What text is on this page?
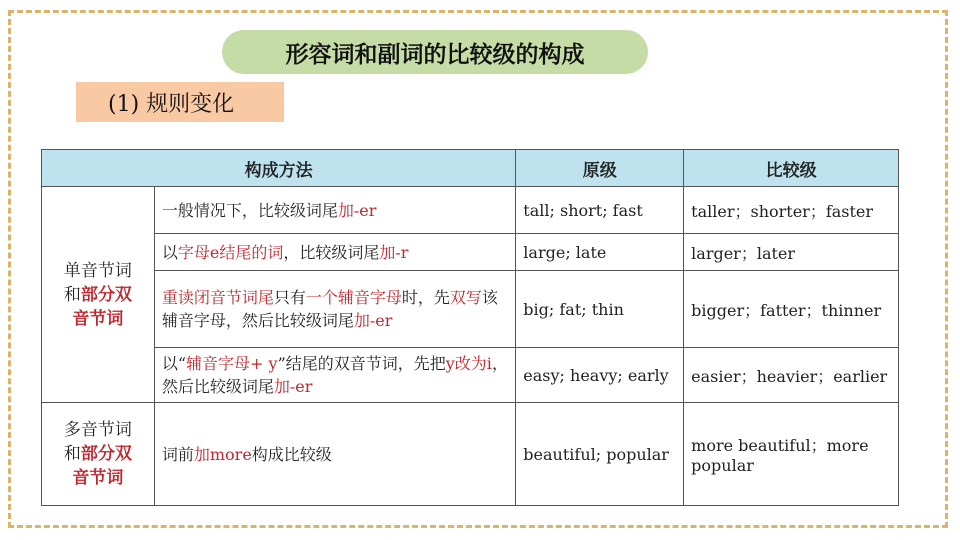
形容词和副词的比较级的构成
(1) 规则变化
构成方法		原级	比较级
单音节词
和部分双
音节词	一般情况下，比较级词尾加-er	tall; short; fast	taller；shorter；faster
	以字母e结尾的词，比较级词尾加-r	large; late	larger；later
	重读闭音节词尾只有一个辅音字母时，先双写该辅音字母，然后比较级词尾加-er	big; fat; thin	bigger；fatter；thinner
	以“辅音字母+ y”结尾的双音节词，先把y改为i，然后比较级词尾加-er	easy; heavy; early	easier；heavier；earlier
多音节词
和部分双
音节词	词前加more构成比较级	beautiful; popular	more beautiful；more popular
